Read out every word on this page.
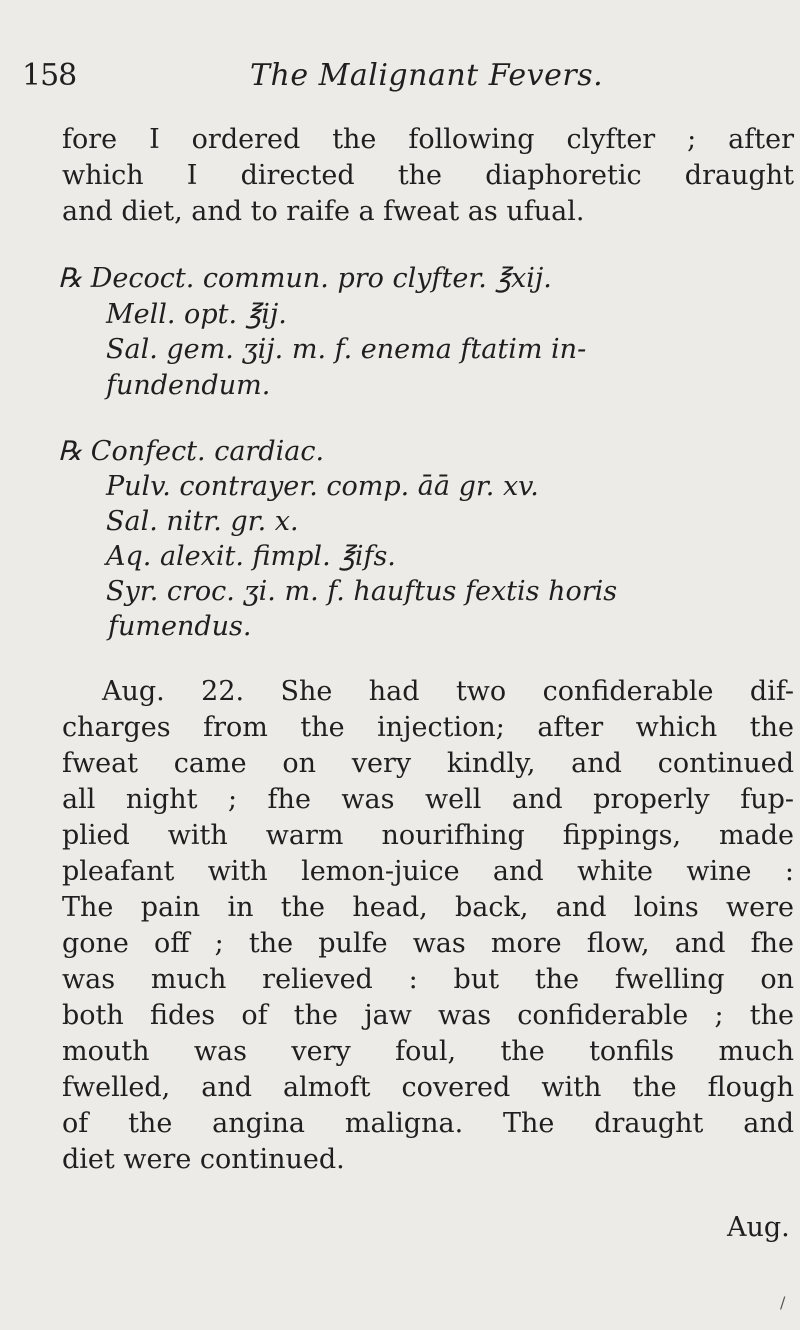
158	The Malignant Fevers.
fore I ordered the following clyfter ; after
which I directed the diaphoretic draught
and diet, and to raife a fweat as ufual.
℞ Decoct. commun. pro clyfter. ℥xij.
Mell. opt. ℥ij.
Sal. gem. ʒij. m. f. enema ftatim in-
fundendum.
℞ Confect. cardiac.
Pulv. contrayer. comp. āā gr. xv.
Sal. nitr. gr. x.
Aq. alexit. fimpl. ℥ifs.
Syr. croc. ʒi. m. f. hauftus fextis horis
fumendus.
Aug. 22. She had two confiderable dif-
charges from the injection; after which the
fweat came on very kindly, and continued
all night ; fhe was well and properly fup-
plied with warm nourifhing fippings, made
pleafant with lemon-juice and white wine :
The pain in the head, back, and loins were
gone off ; the pulfe was more flow, and fhe
was much relieved : but the fwelling on
both fides of the jaw was confiderable ; the
mouth was very foul, the tonfils much
fwelled, and almoft covered with the flough
of the angina maligna. The draught and
diet were continued.
Aug.
/
